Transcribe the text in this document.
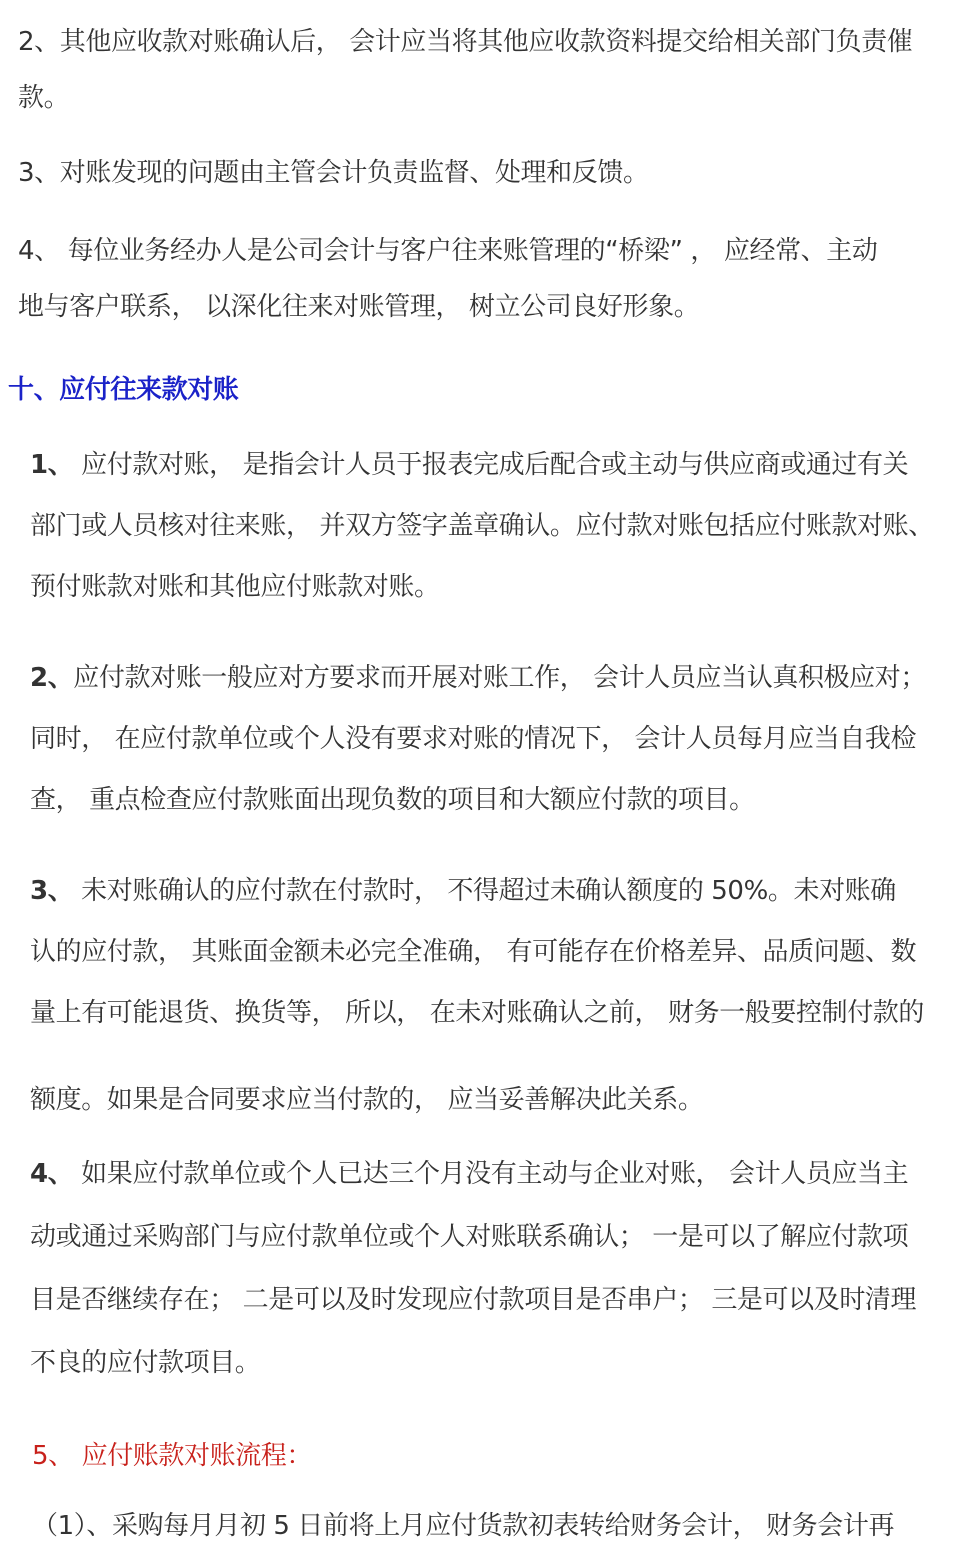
2、其他应收款对账确认后， 会计应当将其他应收款资料提交给相关部门负责催
款。
3、对账发现的问题由主管会计负责监督、处理和反馈。
4、 每位业务经办人是公司会计与客户往来账管理的“桥梁” ， 应经常、主动
地与客户联系， 以深化往来对账管理， 树立公司良好形象。
十、应付往来款对账
1、 应付款对账， 是指会计人员于报表完成后配合或主动与供应商或通过有关
部门或人员核对往来账， 并双方签字盖章确认。应付款对账包括应付账款对账、
预付账款对账和其他应付账款对账。
2、应付款对账一般应对方要求而开展对账工作， 会计人员应当认真积极应对；
同时， 在应付款单位或个人没有要求对账的情况下， 会计人员每月应当自我检
查， 重点检查应付款账面出现负数的项目和大额应付款的项目。
3、 未对账确认的应付款在付款时， 不得超过未确认额度的 50%。未对账确
认的应付款， 其账面金额未必完全准确， 有可能存在价格差异、品质问题、数
量上有可能退货、换货等， 所以， 在未对账确认之前， 财务一般要控制付款的
额度。如果是合同要求应当付款的， 应当妥善解决此关系。
4、 如果应付款单位或个人已达三个月没有主动与企业对账， 会计人员应当主
动或通过采购部门与应付款单位或个人对账联系确认； 一是可以了解应付款项
目是否继续存在； 二是可以及时发现应付款项目是否串户； 三是可以及时清理
不良的应付款项目。
5、 应付账款对账流程：
（1）、采购每月月初 5 日前将上月应付货款初表转给财务会计， 财务会计再
